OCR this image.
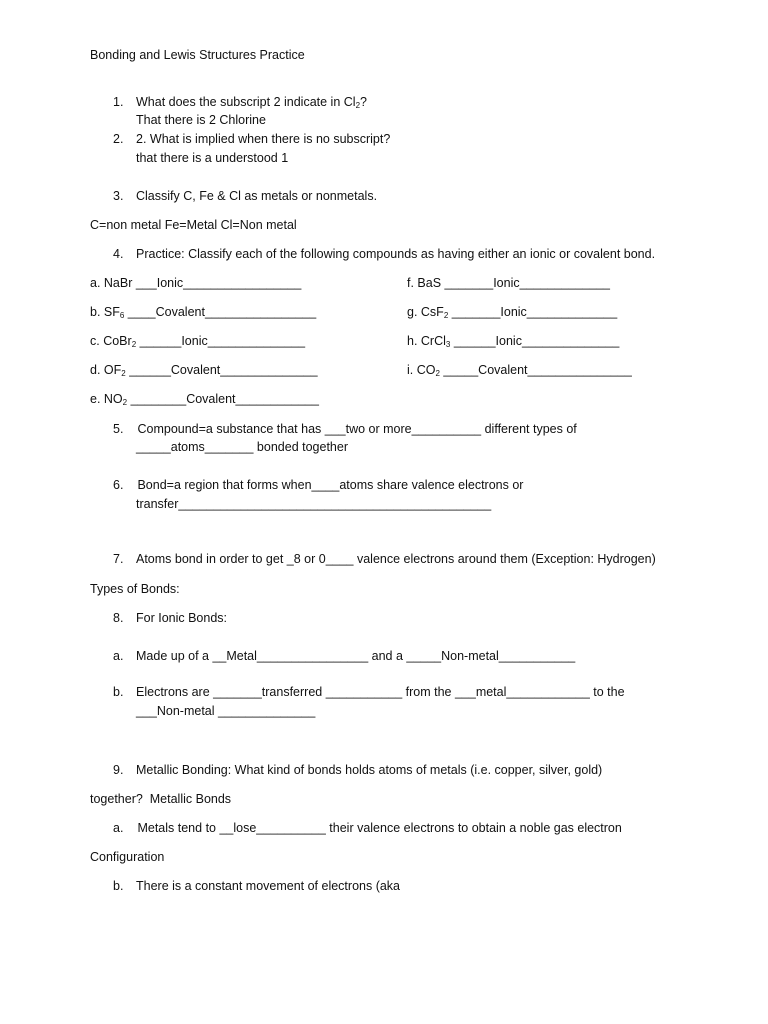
Bonding and Lewis Structures Practice
1. What does the subscript 2 indicate in $Cl_2$?
That there is 2 Chlorine
2. 2. What is implied when there is no subscript?
that there is a understood 1
3. Classify C, Fe & Cl as metals or nonmetals.
C=non metal Fe=Metal Cl=Non metal
4. Practice: Classify each of the following compounds as having either an ionic or covalent bond.
a. NaBr ___Ionic_________________
b. $SF_6$ ____Covalent________________
c. CoBr$_2$ ______Ionic______________
d. $OF_2$ ______Covalent______________
e. $NO_2$ ________Covalent____________
f. BaS _______Ionic_____________
g. CsF$_2$ _______Ionic_____________
h. CrCl$_3$ ______Ionic______________
i. $CO_2$ _____Covalent_______________
5. Compound=a substance that has ___two or more__________ different types of
_____atoms_______ bonded together
6. Bond=a region that forms when____atoms share valence electrons or
transfer_____________________________________________
7. Atoms bond in order to get _8 or 0____ valence electrons around them (Exception: Hydrogen)
Types of Bonds:
8. For Ionic Bonds:
a. Made up of a __Metal________________ and a _____Non-metal___________
b. Electrons are _______transferred ___________ from the ___metal____________ to the
___Non-metal ______________
9. Metallic Bonding: What kind of bonds holds atoms of metals (i.e. copper, silver, gold)
together?  Metallic Bonds
a. Metals tend to __lose__________ their valence electrons to obtain a noble gas electron
Configuration
b. There is a constant movement of electrons (aka
